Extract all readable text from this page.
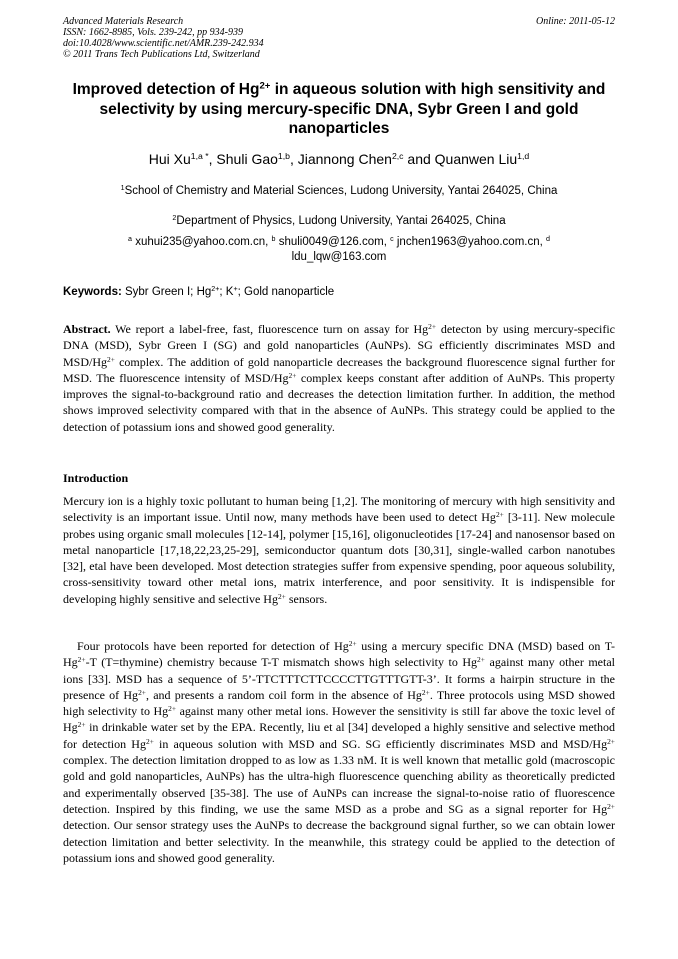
Advanced Materials Research
ISSN: 1662-8985, Vols. 239-242, pp 934-939
doi:10.4028/www.scientific.net/AMR.239-242.934
© 2011 Trans Tech Publications Ltd, Switzerland
Online: 2011-05-12
Improved detection of $Hg^{2+}$ in aqueous solution with high sensitivity and selectivity by using mercury-specific DNA, Sybr Green I and gold nanoparticles
Hui $Xu^{1,a *}$, Shuli Gao$^{1,b}$, Jiannong Chen$^{2,c}$ and Quanwen Liu$^{1,d}$
$^1$School of Chemistry and Material Sciences, Ludong University, Yantai 264025, China
$^2$Department of Physics, Ludong University, Yantai 264025, China
$^a$ xuhui235@yahoo.com.cn, $^b$ shuli0049@126.com, $^c$ jnchen1963@yahoo.com.cn, $^d$ ldu_lqw@163.com
Keywords: Sybr Green I; $Hg^{2+}$; K+; Gold nanoparticle
Abstract. We report a label-free, fast, fluorescence turn on assay for $Hg^{2+}$ detecton by using mercury-specific DNA (MSD), Sybr Green I (SG) and gold nanoparticles (AuNPs). SG efficiently discriminates MSD and MSD/$Hg^{2+}$ complex. The addition of gold nanoparticle decreases the background fluorescence signal further for MSD. The fluorescence intensity of MSD/$Hg^{2+}$ complex keeps constant after addition of AuNPs. This property improves the signal-to-background ratio and decreases the detection limitation further. In addition, the method shows improved selectivity compared with that in the absence of AuNPs. This strategy could be applied to the detection of potassium ions and showed good generality.
Introduction
Mercury ion is a highly toxic pollutant to human being [1,2]. The monitoring of mercury with high sensitivity and selectivity is an important issue. Until now, many methods have been used to detect $Hg^{2+}$ [3-11]. New molecule probes using organic small molecules [12-14], polymer [15,16], oligonucleotides [17-24] and nanosensor based on metal nanoparticle [17,18,22,23,25-29], semiconductor quantum dots [30,31], single-walled carbon nanotubes [32], etal have been developed. Most detection strategies suffer from expensive spending, poor aqueous solubility, cross-sensitivity toward other metal ions, matrix interference, and poor sensitivity. It is indispensible for developing highly sensitive and selective $Hg^{2+}$ sensors.
Four protocols have been reported for detection of $Hg^{2+}$ using a mercury specific DNA (MSD) based on $T-Hg^{2+}-T$ (T=thymine) chemistry because T-T mismatch shows high selectivity to $Hg^{2+}$ against many other metal ions [33]. MSD has a sequence of 5’-TTCTTTCTTCCCCTTGTTTGTT-3’. It forms a hairpin structure in the presence of $Hg^{2+}$, and presents a random coil form in the absence of $Hg^{2+}$. Three protocols using MSD showed high selectivity to $Hg^{2+}$ against many other metal ions. However the sensitivity is still far above the toxic level of $Hg^{2+}$ in drinkable water set by the EPA. Recently, liu et al [34] developed a highly sensitive and selective method for detection $Hg^{2+}$ in aqueous solution with MSD and SG. SG efficiently discriminates MSD and MSD/$Hg^{2+}$ complex. The detection limitation dropped to as low as 1.33 nM. It is well known that metallic gold (macroscopic gold and gold nanoparticles, AuNPs) has the ultra-high fluorescence quenching ability as theoretically predicted and experimentally observed [35-38]. The use of AuNPs can increase the signal-to-noise ratio of fluorescence detection. Inspired by this finding, we use the same MSD as a probe and SG as a signal reporter for $Hg^{2+}$ detection. Our sensor strategy uses the AuNPs to decrease the background signal further, so we can obtain lower detection limitation and better selectivity. In the meanwhile, this strategy could be applied to the detection of potassium ions and showed good generality.
